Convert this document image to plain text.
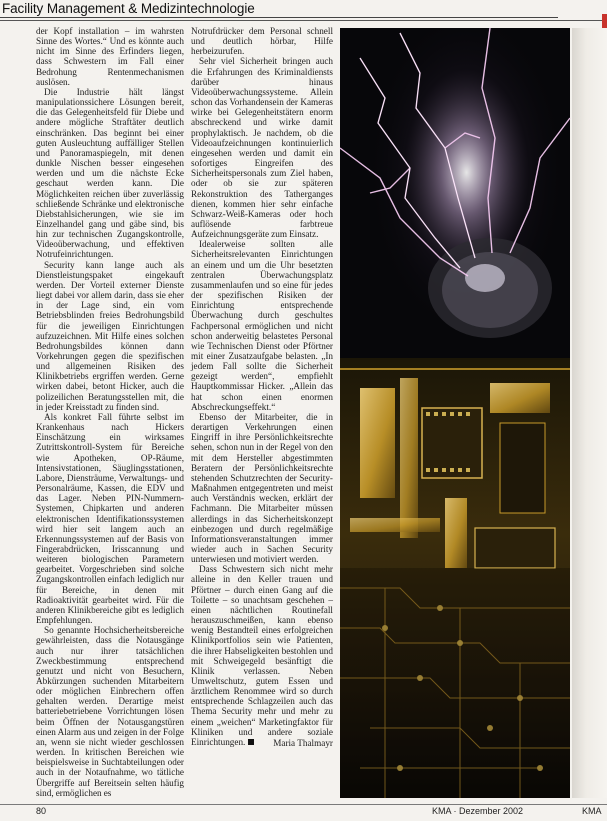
Facility Management & Medizintechnologie

der Kopf installation – im wahrsten Sinne des Wortes.“ Und es könnte auch nicht im Sinne des Erfinders liegen, dass Schwestern im Fall einer Bedrohung Rentenmechanismen auslösen.

Die Industrie hält längst manipulationssichere Lösungen bereit, die das Gelegenheitsfeld für Diebe und andere mögliche Straftäter deutlich einschränken. Das beginnt bei einer guten Ausleuchtung auffälliger Stellen und Panoramaspiegeln, mit denen dunkle Nischen besser eingesehen werden und um die nächste Ecke geschaut werden kann. Die Möglichkeiten reichen über zuverlässig schließende Schränke und elektronische Diebstahlsicherungen, wie sie im Einzelhandel gang und gäbe sind, bis hin zur technischen Zugangskontrolle, Videoüberwachung, und effektiven Notrufeinrichtungen.

Security kann lange auch als Dienstleistungspaket eingekauft werden. Der Vorteil externer Dienste liegt dabei vor allem darin, dass sie eher in der Lage sind, ein vom Betriebsblinden freies Bedrohungsbild für die jeweiligen Einrichtungen aufzuzeichnen. Mit Hilfe eines solchen Bedrohungsbildes können dann Vorkehrungen gegen die spezifischen und allgemeinen Risiken des Klinikbetriebs ergriffen werden. Gerne wirken dabei, betont Hicker, auch die polizeilichen Beratungsstellen mit, die in jeder Kreisstadt zu finden sind.

Als konkret Fall führte selbst im Krankenhaus nach Hickers Einschätzung ein wirksames Zutrittskontroll-System für Bereiche wie Apotheken, OP-Räume, Intensivstationen, Säuglingsstationen, Labore, Diensträume, Verwaltungs- und Personalräume, Kassen, die EDV und das Lager. Neben PIN-Nummern-Systemen, Chipkarten und anderen elektronischen Identifikationssystemen wird hier seit langem auch an Erkennungssystemen auf der Basis von Fingerabdrücken, Irisscannung und weiteren biologischen Parametern gearbeitet. Vorgeschrieben sind solche Zugangskontrollen einfach lediglich nur für Bereiche, in denen mit Radioaktivität gearbeitet wird. Für die anderen Klinikbereiche gibt es lediglich Empfehlungen.

So genannte Hochsicherheitsbereiche gewährleisten, dass die Notausgänge auch nur ihrer tatsächlichen Zweckbestimmung entsprechend genutzt und nicht von Besuchern, Abkürzungen suchenden Mitarbeitern oder möglichen Einbrechern offen gehalten werden. Derartige meist batteriebetriebene Vorrichtungen lösen beim Öffnen der Notausgangstüren einen Alarm aus und zeigen in der Folge an, wenn sie nicht wieder geschlossen werden. In kritischen Bereichen wie beispielsweise in Suchtabteilungen oder auch in der Notaufnahme, wo tätliche Übergriffe auf Bereitsein selten häufig sind, ermöglichen es

Notrufdrücker dem Personal schnell und deutlich hörbar, Hilfe herbeizurufen.

Sehr viel Sicherheit bringen auch die Erfahrungen des Kriminaldiensts darüber hinaus Videoüberwachungssysteme. Allein schon das Vorhandensein der Kameras wirke bei Gelegenheitstätern enorm abschreckend und wirke damit prophylaktisch. Je nachdem, ob die Videoaufzeichnungen kontinuierlich eingesehen werden und damit ein sofortiges Eingreifen des Sicherheitspersonals zum Ziel haben, oder ob sie zur späteren Rekonstruktion des Tatherganges dienen, kommen hier sehr einfache Schwarz-Weiß-Kameras oder hoch auflösende farbtreue Aufzeichnungsgeräte zum Einsatz.

Idealerweise sollten alle Sicherheitsrelevanten Einrichtungen an einem und um die Uhr besetzten zentralen Überwachungsplatz zusammenlaufen und so eine für jedes der spezifischen Risiken der Einrichtung entsprechende Überwachung durch geschultes Fachpersonal ermöglichen und nicht schon anderweitig belastetes Personal wie Technischen Dienst oder Pförtner mit einer Zusatzaufgabe belasten. „In jedem Fall sollte die Sicherheit gezeigt werden“, empfiehlt Hauptkommissar Hicker. „Allein das hat schon einen enormen Abschreckungseffekt.“

Ebenso der Mitarbeiter, die in derartigen Verkehrungen einen Eingriff in ihre Persönlichkeitsrechte sehen, schon nun in der Regel von den mit dem Hersteller abgestimmten Beratern der Persönlichkeitsrechte stehenden Schutzrechten der Security-Maßnahmen entgegentreten und meist auch Verständnis wecken, erklärt der Fachmann. Die Mitarbeiter müssen allerdings in das Sicherheitskonzept einbezogen und durch regelmäßige Informationsveranstaltungen immer wieder auch in Sachen Security unterwiesen und motiviert werden.

Dass Schwestern sich nicht mehr alleine in den Keller trauen und Pförtner – durch einen Gang auf die Toilette – so unachtsam geschehen – einen nächtlichen Routinefall herauszuschmeißen, kann ebenso wenig Bestandteil eines erfolgreichen Klinikportfolios sein wie Patienten, die ihrer Habseligkeiten bestohlen und mit Schweigegeld besänftigt die Klinik verlassen. Neben Umweltschutz, gutem Essen und ärztlichem Renommee wird so durch entsprechende Schlagzeilen auch das Thema Security mehr und mehr zu einem „weichen“ Marketingfaktor für Kliniken und andere soziale Einrichtungen.	Maria Thalmayr
80	KMA · Dezember 2002	KMA
